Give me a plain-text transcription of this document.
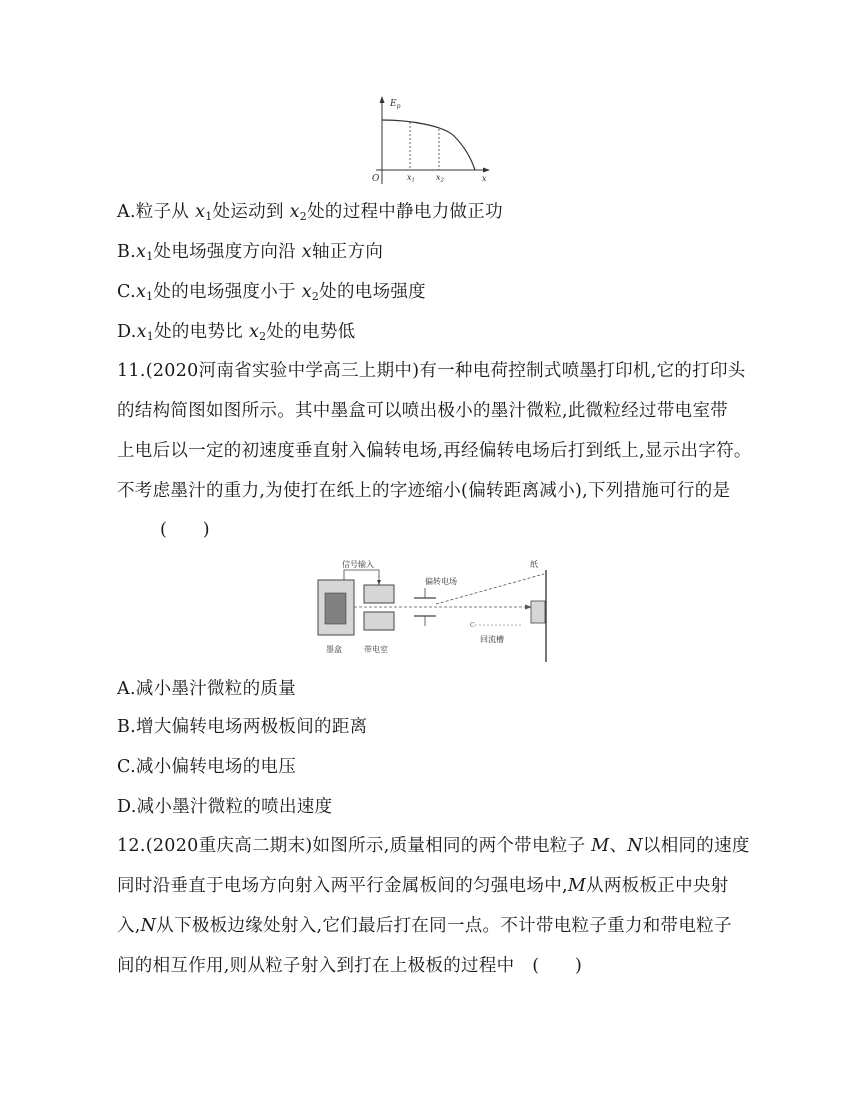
$E_p$
O	x1	x2	x
A.粒子从 $x_1$处运动到 $x_2$处的过程中静电力做正功
$B.x_1$处电场强度方向沿 x轴正方向
$C.x_1$处的电场强度小于 $x_2$处的电场强度
$D.x_1$处的电势比 $x_2$处的电势低
11.(2020河南省实验中学高三上期中)有一种电荷控制式喷墨打印机,它的打印头
的结构简图如图所示。其中墨盒可以喷出极小的墨汁微粒,此微粒经过带电室带
上电后以一定的初速度垂直射入偏转电场,再经偏转电场后打到纸上,显示出字符。
不考虑墨汁的重力,为使打在纸上的字迹缩小(偏转距离减小),下列措施可行的是
(　　)
信号输入
偏转电场
C
回流槽
纸
墨盒	带电室
A.减小墨汁微粒的质量
B.增大偏转电场两极板间的距离
C.减小偏转电场的电压
D.减小墨汁微粒的喷出速度
12.(2020重庆高二期末)如图所示,质量相同的两个带电粒子 M、N以相同的速度
同时沿垂直于电场方向射入两平行金属板间的匀强电场中,M从两板板正中央射
入,N从下极板边缘处射入,它们最后打在同一点。不计带电粒子重力和带电粒子
间的相互作用,则从粒子射入到打在上极板的过程中　(　　)
